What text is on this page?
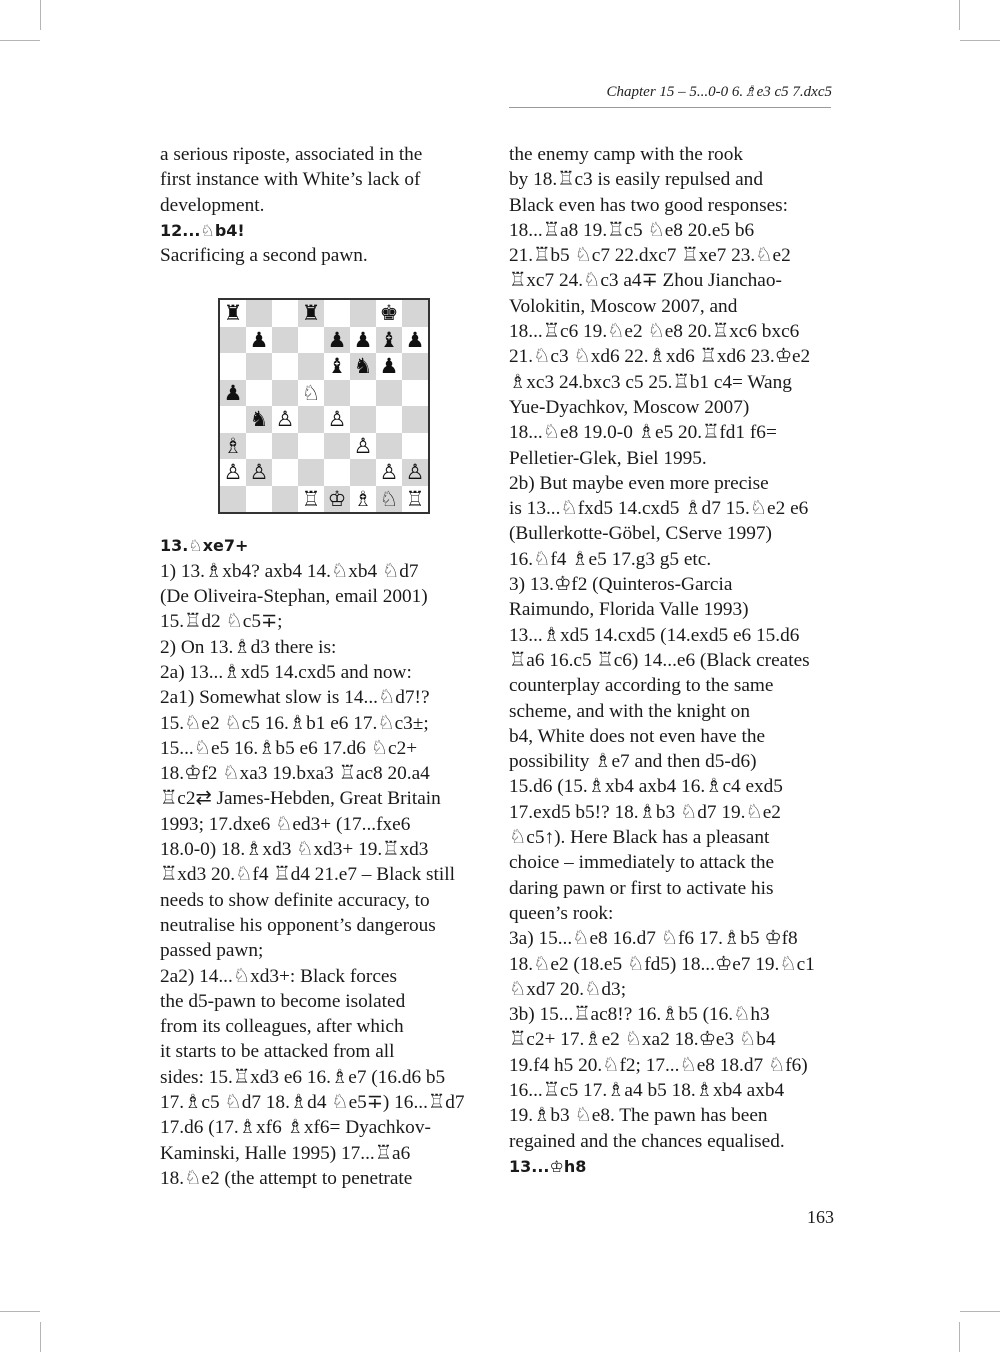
Chapter 15 – 5...0-0 6.♗e3 c5 7.dxc5
a serious riposte, associated in the
first instance with White’s lack of
development.
12...♘b4!
Sacrificing a second pawn.
♜	♜	♚
♟	♟ ♟ ♝ ♟
♝ ♞ ♟
♟	♘
♞ ♙ ♙
♗	♙
♙ ♙	♙ ♙
♖ ♔ ♗ ♘ ♖
13.♘xe7+
1) 13.♗xb4? axb4 14.♘xb4 ♘d7
(De Oliveira-Stephan, email 2001)
15.♖d2 ♘c5∓;
2) On 13.♗d3 there is:
2a) 13...♗xd5 14.cxd5 and now:
2a1) Somewhat slow is 14...♘d7!?
15.♘e2 ♘c5 16.♗b1 e6 17.♘c3±;
15...♘e5 16.♗b5 e6 17.d6 ♘c2+
18.♔f2 ♘xa3 19.bxa3 ♖ac8 20.a4
♖c2⇄ James-Hebden, Great Britain
1993; 17.dxe6 ♘ed3+ (17...fxe6
18.0-0) 18.♗xd3 ♘xd3+ 19.♖xd3
♖xd3 20.♘f4 ♖d4 21.e7 – Black still
needs to show definite accuracy, to
neutralise his opponent’s dangerous
passed pawn;
2a2) 14...♘xd3+: Black forces
the d5-pawn to become isolated
from its colleagues, after which
it starts to be attacked from all
sides: 15.♖xd3 e6 16.♗e7 (16.d6 b5
17.♗c5 ♘d7 18.♗d4 ♘e5∓) 16...♖d7
17.d6 (17.♗xf6 ♗xf6= Dyachkov-
Kaminski, Halle 1995) 17...♖a6
18.♘e2 (the attempt to penetrate
the enemy camp with the rook
by 18.♖c3 is easily repulsed and
Black even has two good responses:
18...♖a8 19.♖c5 ♘e8 20.e5 b6
21.♖b5 ♘c7 22.dxc7 ♖xe7 23.♘e2
♖xc7 24.♘c3 a4∓ Zhou Jianchao-
Volokitin, Moscow 2007, and
18...♖c6 19.♘e2 ♘e8 20.♖xc6 bxc6
21.♘c3 ♘xd6 22.♗xd6 ♖xd6 23.♔e2
♗xc3 24.bxc3 c5 25.♖b1 c4= Wang
Yue-Dyachkov, Moscow 2007)
18...♘e8 19.0-0 ♗e5 20.♖fd1 f6=
Pelletier-Glek, Biel 1995.
2b) But maybe even more precise
is 13...♘fxd5 14.cxd5 ♗d7 15.♘e2 e6
(Bullerkotte-Göbel, CServe 1997)
16.♘f4 ♗e5 17.g3 g5 etc.
3) 13.♔f2 (Quinteros-Garcia
Raimundo, Florida Valle 1993)
13...♗xd5 14.cxd5 (14.exd5 e6 15.d6
♖a6 16.c5 ♖c6) 14...e6 (Black creates
counterplay according to the same
scheme, and with the knight on
b4, White does not even have the
possibility ♗e7 and then d5-d6)
15.d6 (15.♗xb4 axb4 16.♗c4 exd5
17.exd5 b5!? 18.♗b3 ♘d7 19.♘e2
♘c5↑). Here Black has a pleasant
choice – immediately to attack the
daring pawn or first to activate his
queen’s rook:
3a) 15...♘e8 16.d7 ♘f6 17.♗b5 ♔f8
18.♘e2 (18.e5 ♘fd5) 18...♔e7 19.♘c1
♘xd7 20.♘d3;
3b) 15...♖ac8!? 16.♗b5 (16.♘h3
♖c2+ 17.♗e2 ♘xa2 18.♔e3 ♘b4
19.f4 h5 20.♘f2; 17...♘e8 18.d7 ♘f6)
16...♖c5 17.♗a4 b5 18.♗xb4 axb4
19.♗b3 ♘e8. The pawn has been
regained and the chances equalised.
13...♔h8
163
